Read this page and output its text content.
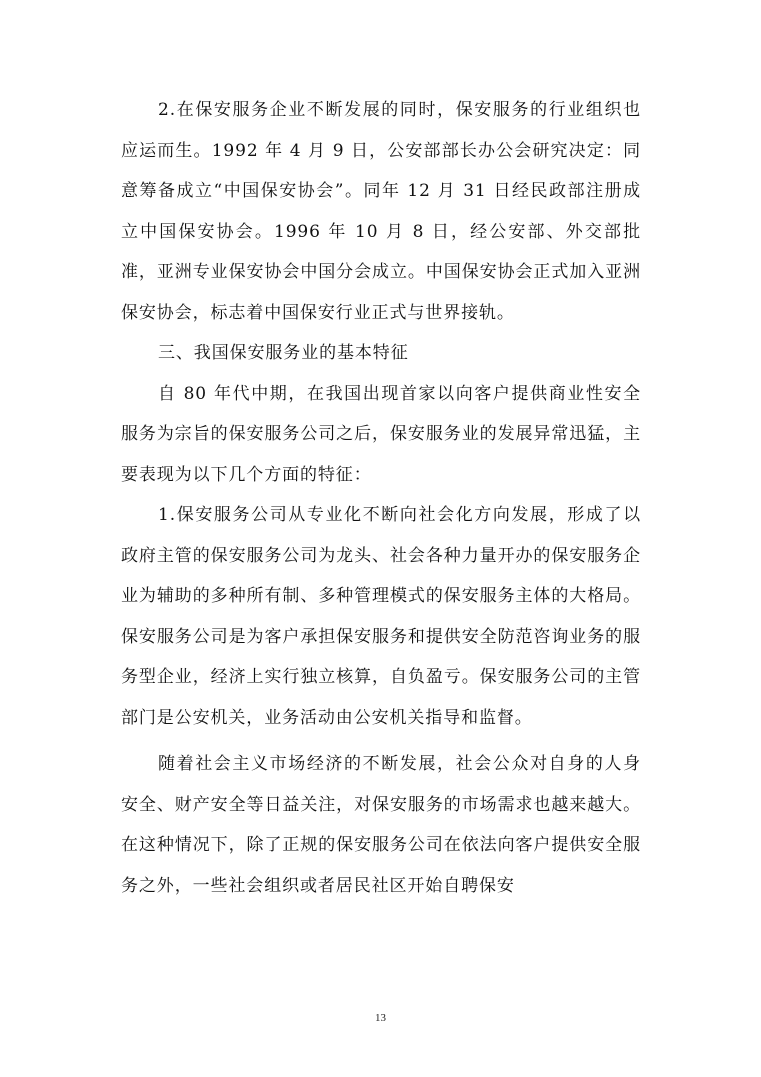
2.在保安服务企业不断发展的同时，保安服务的行业组织也应运而生。1992 年 4 月 9 日，公安部部长办公会研究决定：同意筹备成立“中国保安协会”。同年 12 月 31 日经民政部注册成立中国保安协会。1996 年 10 月 8 日，经公安部、外交部批准，亚洲专业保安协会中国分会成立。中国保安协会正式加入亚洲保安协会，标志着中国保安行业正式与世界接轨。

三、我国保安服务业的基本特征

自 80 年代中期，在我国出现首家以向客户提供商业性安全服务为宗旨的保安服务公司之后，保安服务业的发展异常迅猛，主要表现为以下几个方面的特征：

1.保安服务公司从专业化不断向社会化方向发展，形成了以政府主管的保安服务公司为龙头、社会各种力量开办的保安服务企业为辅助的多种所有制、多种管理模式的保安服务主体的大格局。保安服务公司是为客户承担保安服务和提供安全防范咨询业务的服务型企业，经济上实行独立核算，自负盈亏。保安服务公司的主管部门是公安机关，业务活动由公安机关指导和监督。

随着社会主义市场经济的不断发展，社会公众对自身的人身安全、财产安全等日益关注，对保安服务的市场需求也越来越大。在这种情况下，除了正规的保安服务公司在依法向客户提供安全服务之外，一些社会组织或者居民社区开始自聘保安

13
